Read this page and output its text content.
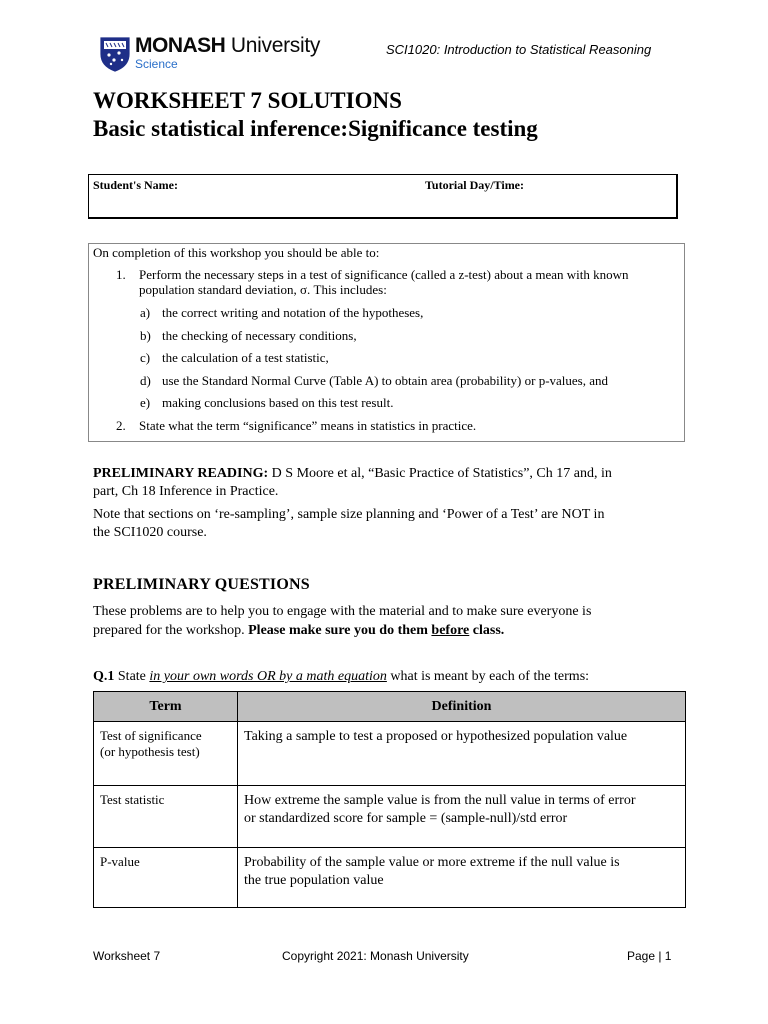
MONASH University
Science
SCI1020: Introduction to Statistical Reasoning
WORKSHEET 7 SOLUTIONS
Basic statistical inference:Significance testing
Student's Name:	Tutorial Day/Time:
On completion of this workshop you should be able to:
1. Perform the necessary steps in a test of significance (called a z-test) about a mean with known
population standard deviation, σ. This includes:
a) the correct writing and notation of the hypotheses,
b) the checking of necessary conditions,
c) the calculation of a test statistic,
d) use the Standard Normal Curve (Table A) to obtain area (probability) or p-values, and
e) making conclusions based on this test result.
2. State what the term “significance” means in statistics in practice.
PRELIMINARY READING: D S Moore et al, “Basic Practice of Statistics”, Ch 17 and, in
part, Ch 18 Inference in Practice.
Note that sections on ‘re-sampling’, sample size planning and ‘Power of a Test’ are NOT in
the SCI1020 course.
PRELIMINARY QUESTIONS
These problems are to help you to engage with the material and to make sure everyone is
prepared for the workshop. Please make sure you do them before class.
Q.1 State in your own words OR by a math equation what is meant by each of the terms:
Term	Definition

Test of significance
(or hypothesis test)	Taking a sample to test a proposed or hypothesized population value

Test statistic	How extreme the sample value is from the null value in terms of error
or standardized score for sample = (sample-null)/std error

P-value	Probability of the sample value or more extreme if the null value is
the true population value
Worksheet 7	Copyright 2021: Monash University	Page | 1
